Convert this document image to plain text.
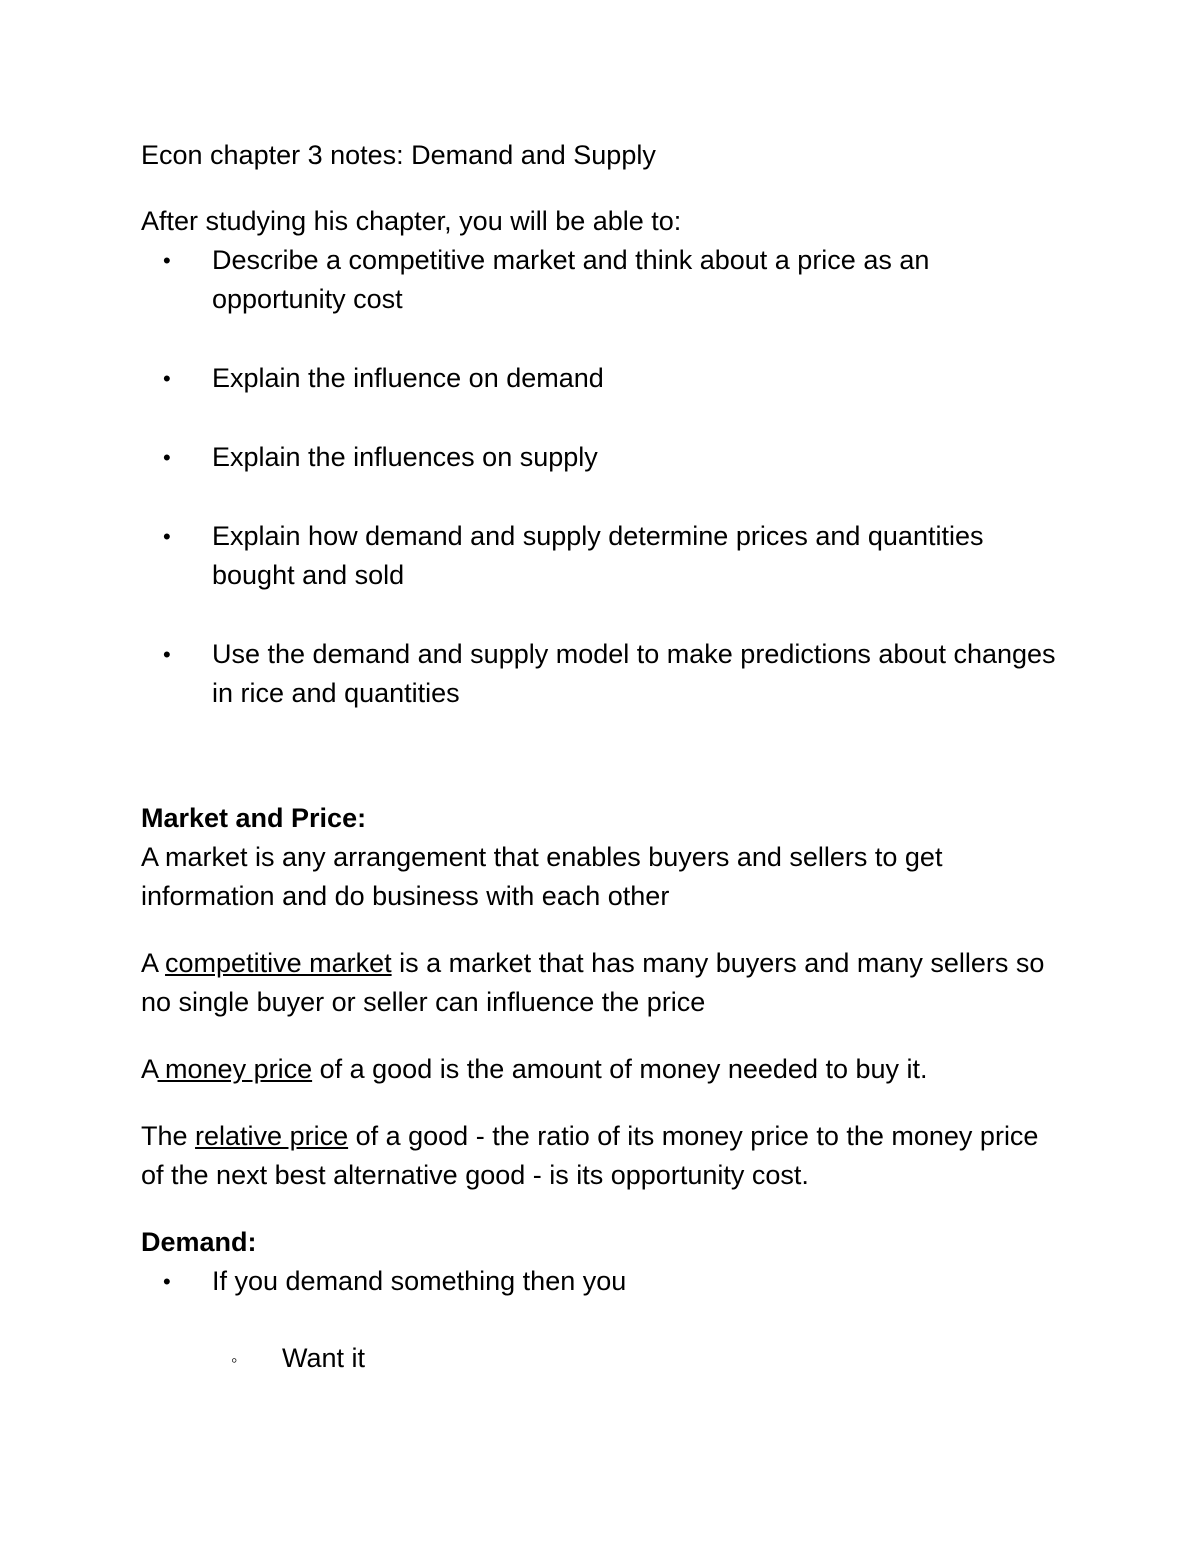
Econ chapter 3 notes: Demand and Supply

After studying his chapter, you will be able to:

• Describe a competitive market and think about a price as an opportunity cost
• Explain the influence on demand
• Explain the influences on supply
• Explain how demand and supply determine prices and quantities bought and sold
• Use the demand and supply model to make predictions about changes in rice and quantities

Market and Price:

A market is any arrangement that enables buyers and sellers to get information and do business with each other

A competitive market is a market that has many buyers and many sellers so no single buyer or seller can influence the price

A money price of a good is the amount of money needed to buy it.

The relative price of a good - the ratio of its money price to the money price of the next best alternative good - is its opportunity cost.

Demand:

• If you demand something then you
◦ Want it
